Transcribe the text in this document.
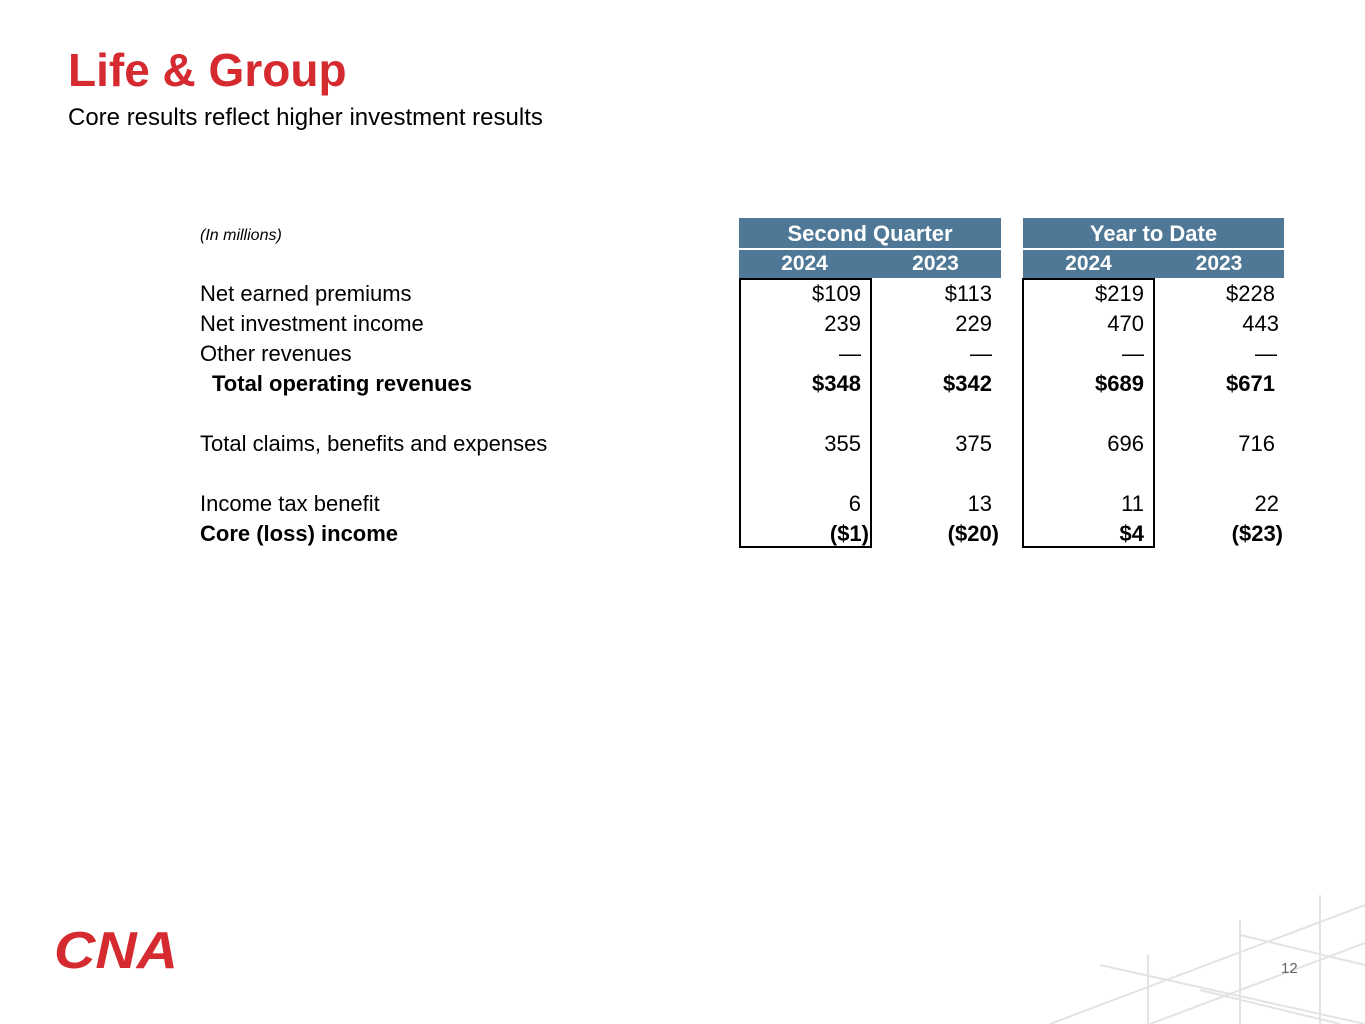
Life & Group

Core results reflect higher investment results

(In millions)	Second Quarter	Year to Date
2024	2023	2024	2023
Net earned premiums	$109	$113	$219	$228
Net investment income	239	229	470	443
Other revenues	—	—	—	—
Total operating revenues	$348	$342	$689	$671
Total claims, benefits and expenses	355	375	696	716
Income tax benefit	6	13	11	22
Core (loss) income	($1)	($20)	$4	($23)
CNA	12
